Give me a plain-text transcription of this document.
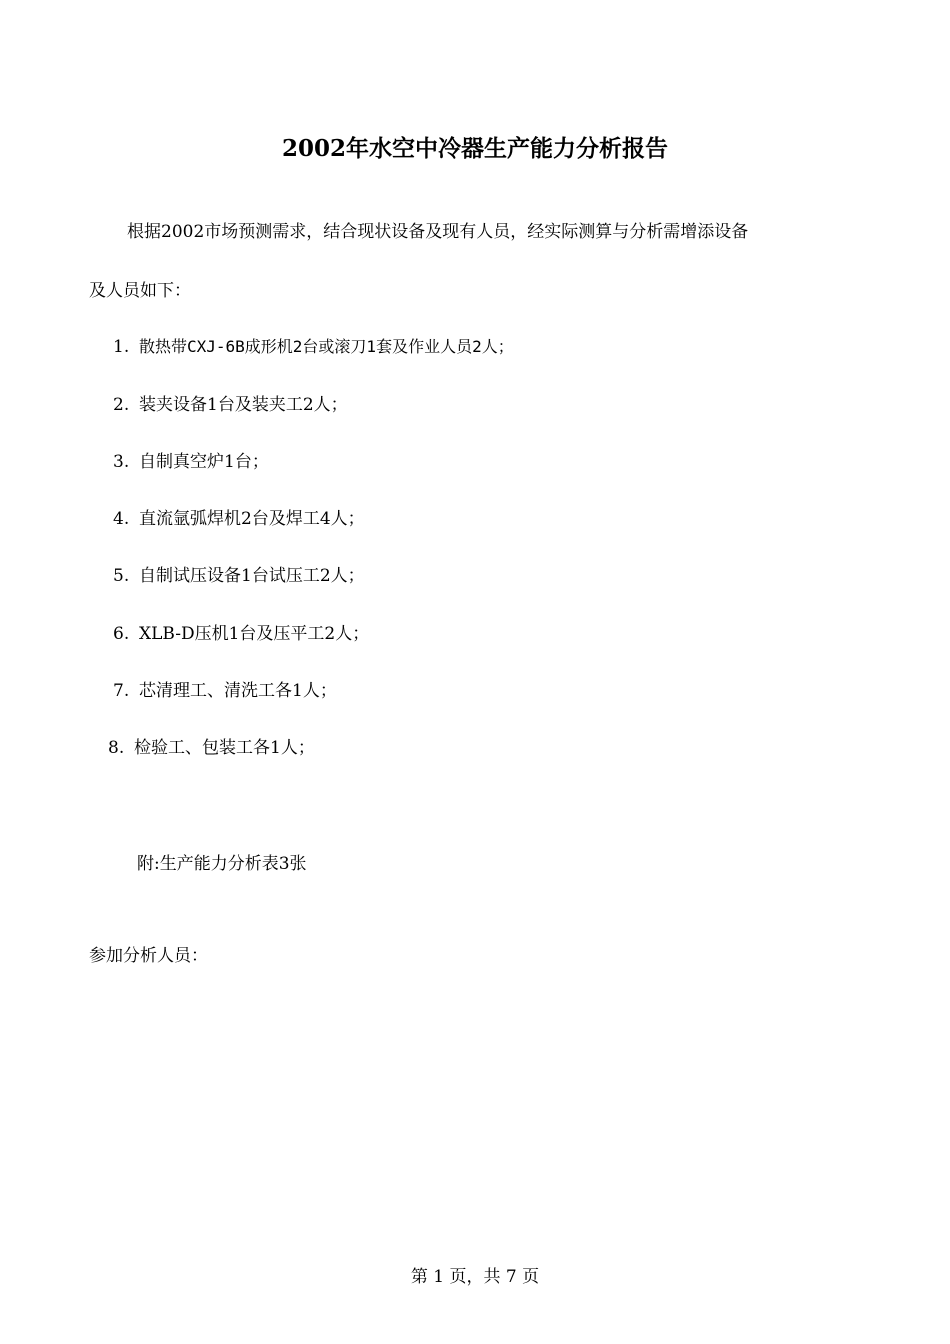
2002年水空中冷器生产能力分析报告
根据2002市场预测需求，结合现状设备及现有人员，经实际测算与分析需增添设备
及人员如下：
1. 散热带CXJ-6B成形机2台或滚刀1套及作业人员2人；
2. 装夹设备1台及装夹工2人；
3. 自制真空炉1台；
4. 直流氩弧焊机2台及焊工4人；
5. 自制试压设备1台试压工2人；
6. XLB-D压机1台及压平工2人；
7. 芯清理工、清洗工各1人；
8. 检验工、包装工各1人；
附:生产能力分析表3张
参加分析人员：
第 1 页，共 7 页
